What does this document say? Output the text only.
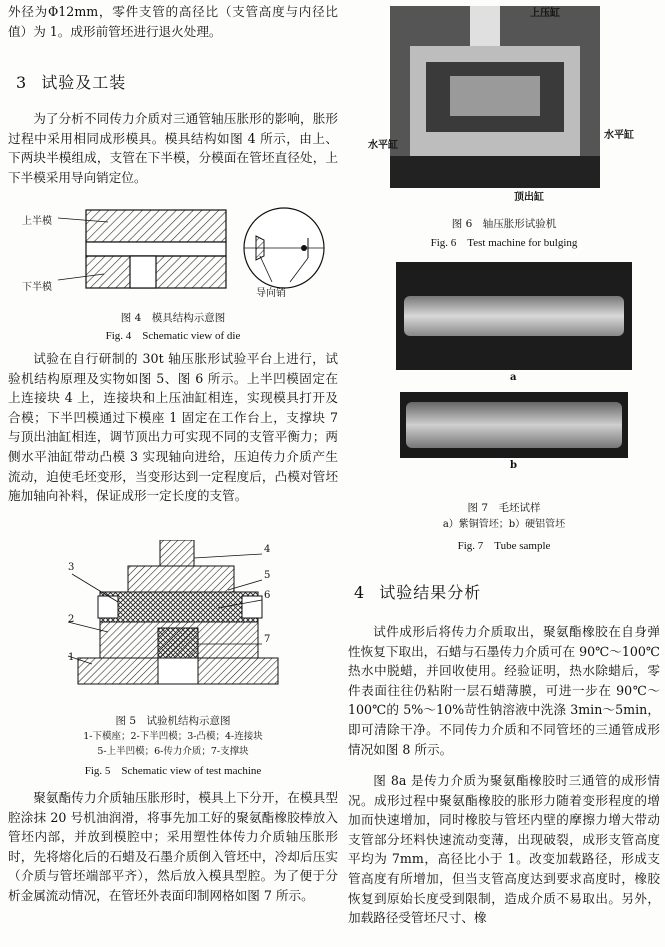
外径为Φ12mm，零件支管的高径比（支管高度与内径比值）为 1。成形前管坯进行退火处理。

3 试验及工装

为了分析不同传力介质对三通管轴压胀形的影响，胀形过程中采用相同成形模具。模具结构如图 4 所示，由上、下两块半模组成，支管在下半模，分模面在管坯直径处，上下半模采用导向销定位。

上半模
下半模
导向销
图 4　模具结构示意图
Fig. 4　Schematic view of die

试验在自行研制的 30t 轴压胀形试验平台上进行，试验机结构原理及实物如图 5、图 6 所示。上半凹模固定在上连接块 4 上，连接块和上压油缸相连，实现模具打开及合模；下半凹模通过下模座 1 固定在工作台上，支撑块 7 与顶出油缸相连，调节顶出力可实现不同的支管平衡力；两侧水平油缸带动凸模 3 实现轴向进给，压迫传力介质产生流动，迫使毛坯变形，当变形达到一定程度后，凸模对管坯施加轴向补料，保证成形一定长度的支管。

3
2
1
4
5
6
7
图 5　试验机结构示意图
1-下模座；2-下半凹模；3-凸模；4-连接块
5-上半凹模；6-传力介质；7-支撑块
Fig. 5　Schematic view of test machine

聚氨酯传力介质轴压胀形时，模具上下分开，在模具型腔涂抹 20 号机油润滑，将事先加工好的聚氨酯橡胶棒放入管坯内部，并放到模腔中；采用塑性体传力介质轴压胀形时，先将熔化后的石蜡及石墨介质倒入管坯中，冷却后压实（介质与管坯端部平齐），然后放入模具型腔。为了便于分析金属流动情况，在管坯外表面印制网格如图 7 所示。

上压缸
水平缸
水平缸
顶出缸
图 6　轴压胀形试验机
Fig. 6　Test machine for bulging
a
b
图 7　毛坯试样
a）紫铜管坯；b）硬铝管坯
Fig. 7　Tube sample
4 试验结果分析

试件成形后将传力介质取出，聚氨酯橡胶在自身弹性恢复下取出，石蜡与石墨传力介质可在 90℃～100℃热水中脱蜡，并回收使用。经验证明，热水除蜡后，零件表面往往仍粘附一层石蜡薄膜，可进一步在 90℃～100℃的 5%～10%苛性钠溶液中洗涤 3min～5min，即可清除干净。不同传力介质和不同管坯的三通管成形情况如图 8 所示。

图 8a 是传力介质为聚氨酯橡胶时三通管的成形情况。成形过程中聚氨酯橡胶的胀形力随着变形程度的增加而快速增加，同时橡胶与管坯内壁的摩擦力增大带动支管部分坯料快速流动变薄，出现破裂，成形支管高度平均为 7mm，高径比小于 1。改变加载路径，形成支管高度有所增加，但当支管高度达到要求高度时，橡胶恢复到原始长度受到限制，造成介质不易取出。另外，加载路径受管坯尺寸、橡
